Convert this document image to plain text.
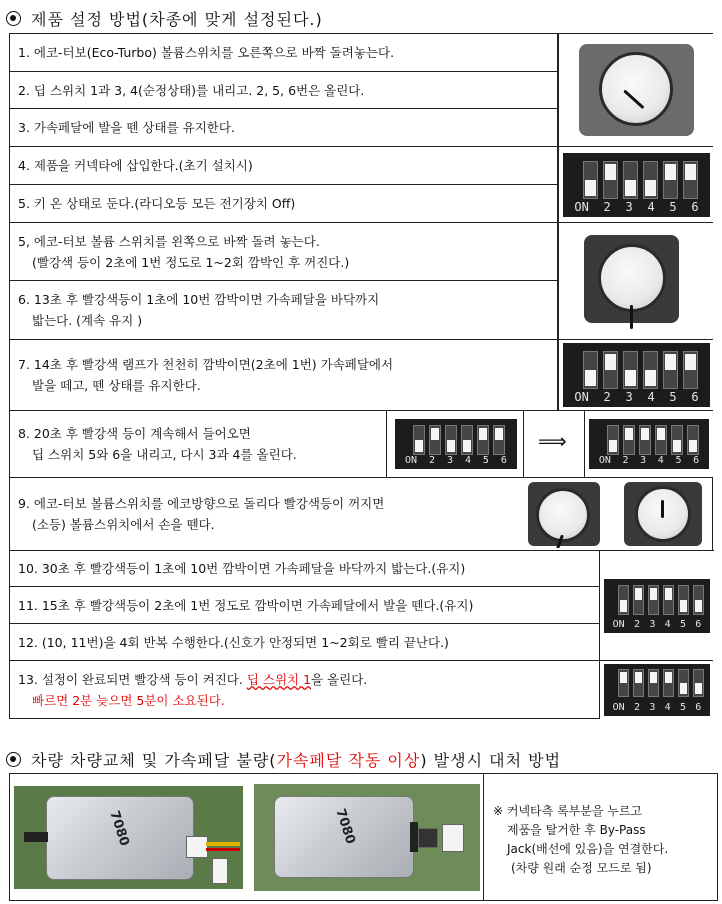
제품 설정 방법(차종에 맞게 설정된다.)
1. 에코-터보(Eco-Turbo) 볼륨스위치를 오른쪽으로 바짝 돌려놓는다.
2. 딥 스위치 1과 3, 4(순정상태)를 내리고. 2, 5, 6번은 올린다.
3. 가속페달에 발을 뗀 상태를 유지한다.
4. 제품을 커넥타에 삽입한다.(초기 설치시)
5. 키 온 상태로 둔다.(라디오등 모든 전기장치 Off)
5, 에코-터보 볼륨 스위치를 왼쪽으로 바짝 돌려 놓는다.
(빨강색 등이 2초에 1번 정도로 1~2회 깜박인 후 꺼진다.)
6. 13초 후 빨강색등이 1초에 10번 깜박이면 가속페달을 바닥까지
밟는다. (계속 유지 )
7. 14초 후 빨강색 램프가 천천히 깜박이면(2초에 1번) 가속페달에서
발을 떼고, 뗀 상태를 유지한다.
8. 20초 후 빨강색 등이 계속해서 들어오면
딥 스위치 5와 6을 내리고, 다시 3과 4를 올린다.
9. 에코-터보 볼륨스위치를 에코방향으로 돌리다 빨강색등이 꺼지면
(소등) 볼륨스위치에서 손을 뗀다.
10. 30초 후 빨강색등이 1초에 10번 깜박이면 가속페달을 바닥까지 밟는다.(유지)
11. 15초 후 빨강색등이 2초에 1번 정도로 깜박이면 가속페달에서 발을 뗀다.(유지)
12. (10, 11번)을 4회 반복 수행한다.(신호가 안정되면 1~2회로 빨리 끝난다.)
13. 설정이 완료되면 빨강색 등이 켜진다. 딥 스위치 1을 올린다.
빠르면 2분 늦으면 5분이 소요된다.
ON 2 3 4 5 6
ON 2 3 4 5 6
ON 2 3 4 5 6
⟹
ON 2 3 4 5 6
ON 2 3 4 5 6
ON 2 3 4 5 6
차량 차량교체 및 가속페달 불량(가속페달 작동 이상) 발생시 대처 방법
7080	7080	※ 커넥타측 록부분을 누르고
제품을 탈거한 후 By-Pass
Jack(배선에 있음)을 연결한다.
(차량 원래 순정 모드로 됨)
